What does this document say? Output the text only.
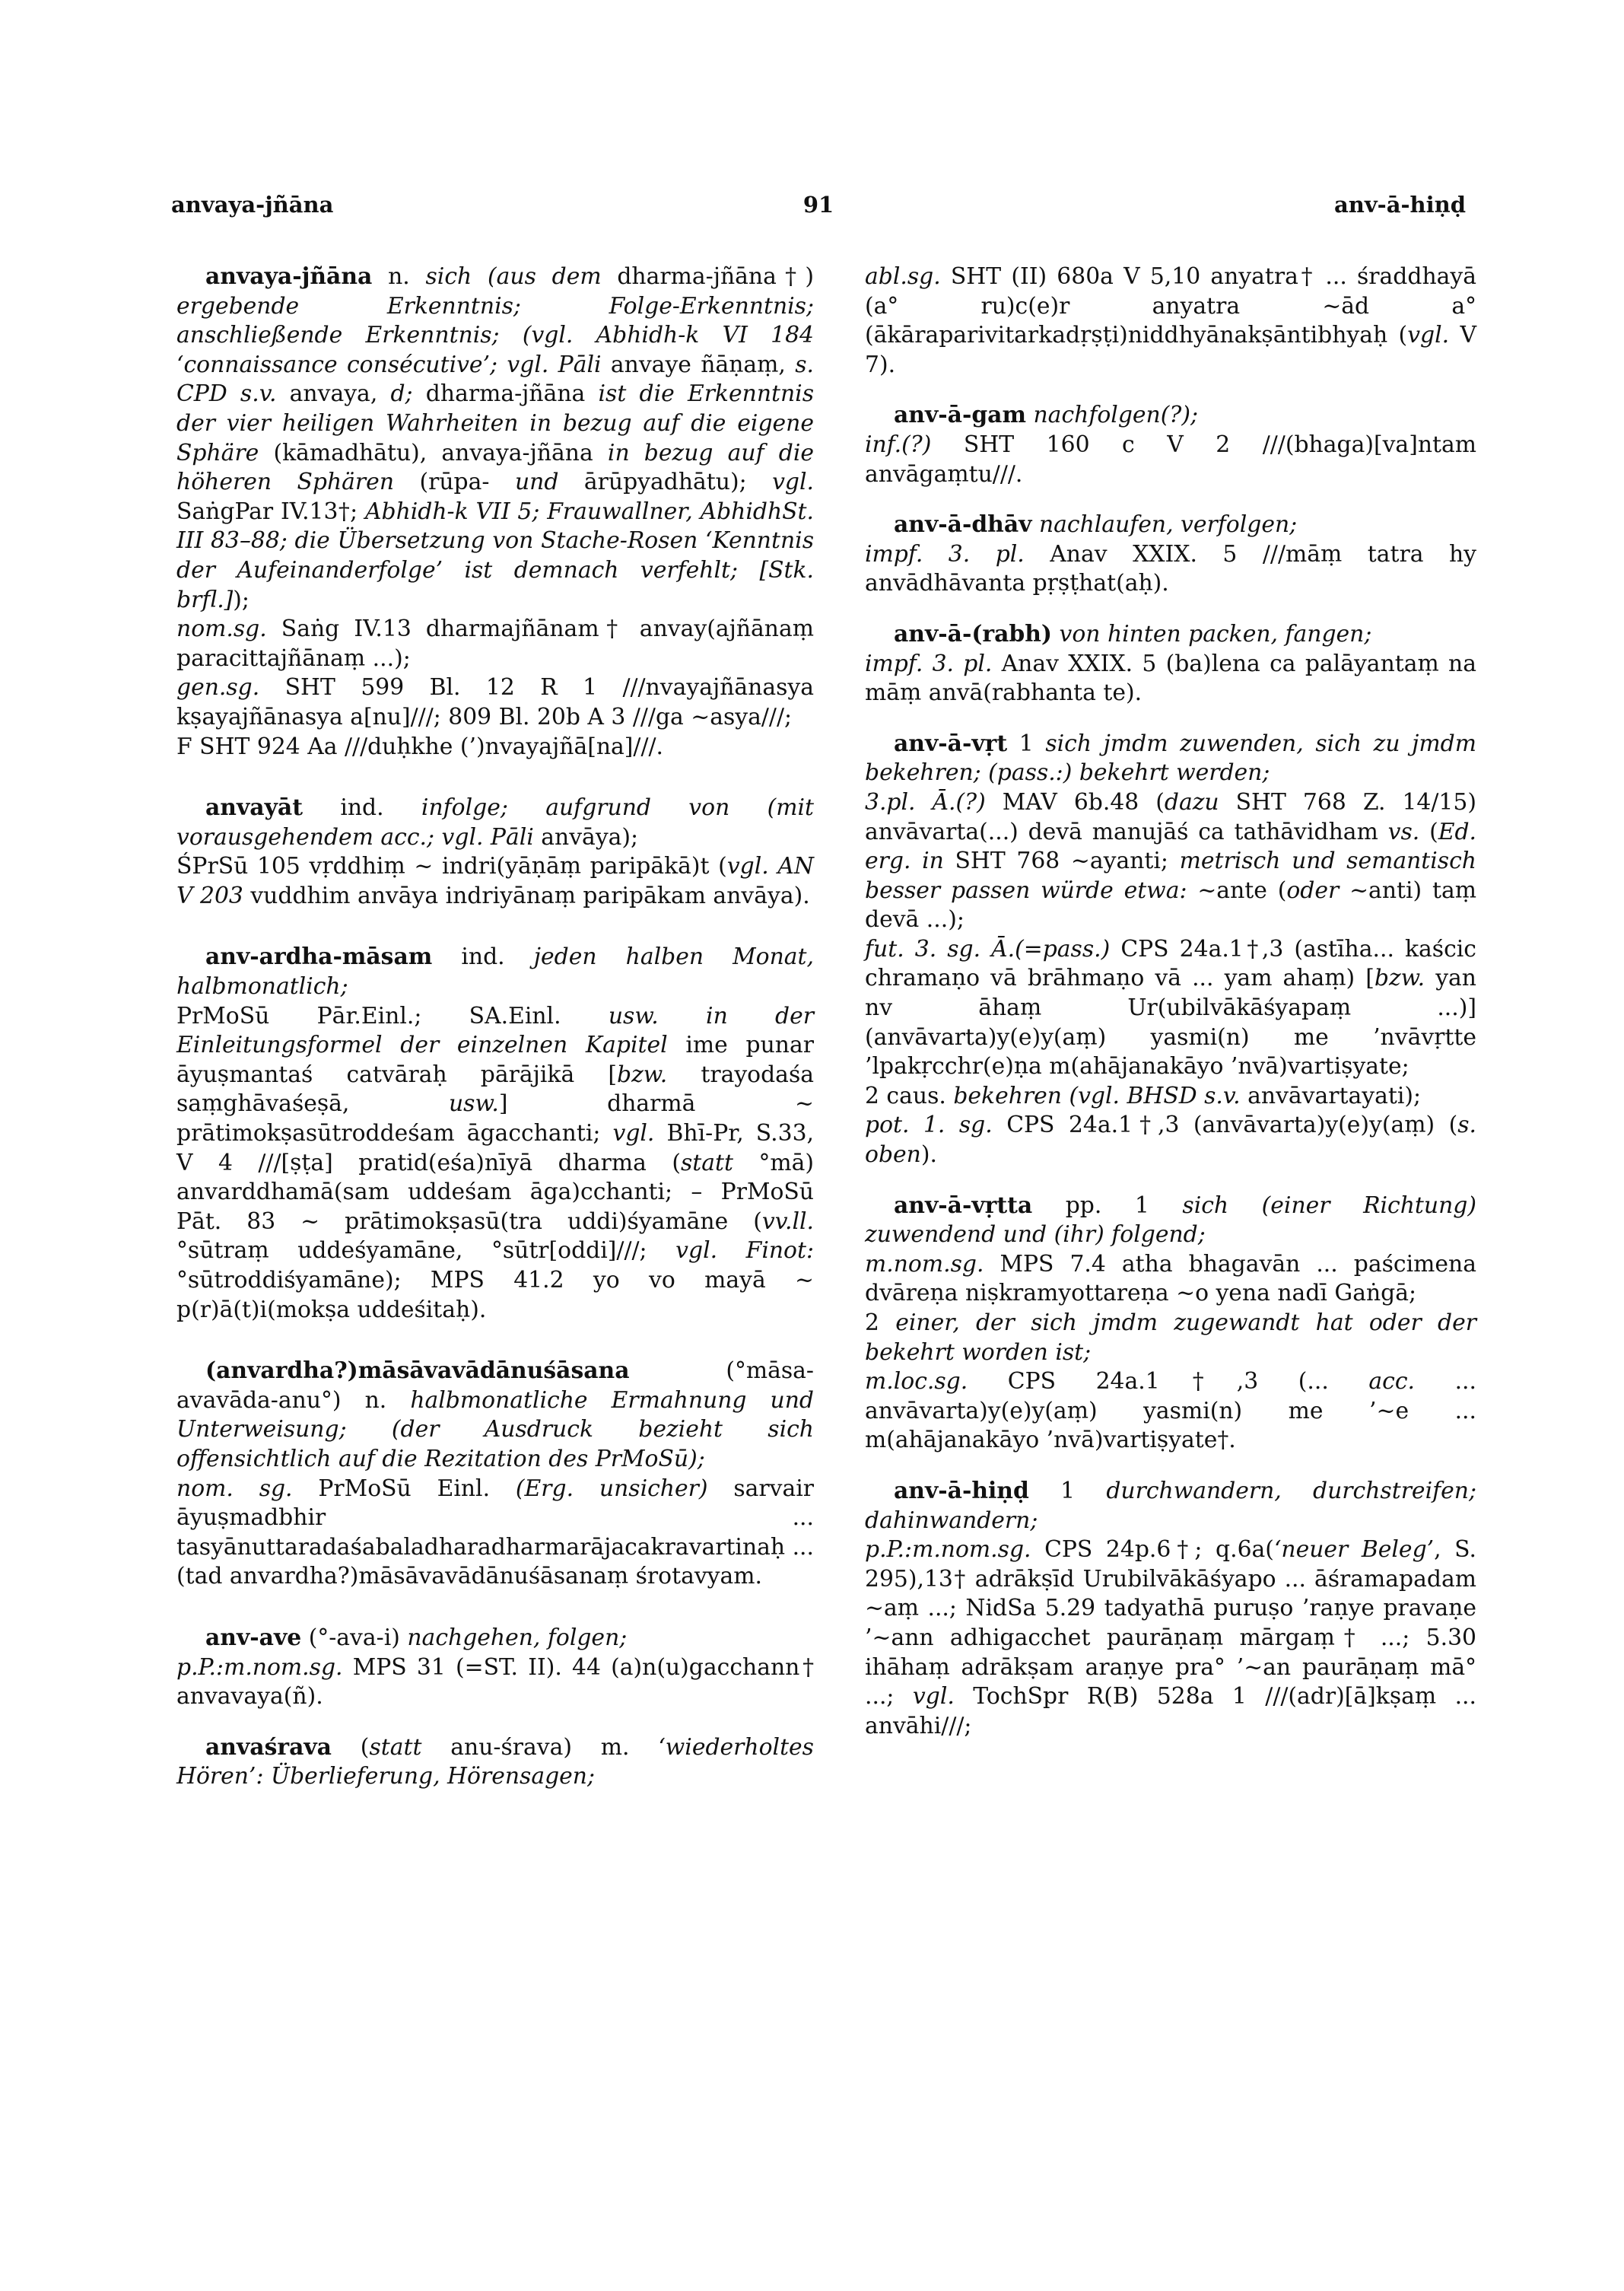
anvaya-jñāna	91	anv-ā-hiṇḍ

anvaya-jñāna n. sich (aus dem dharma-jñāna†) ergebende Erkenntnis; Folge-Erkenntnis; anschließende Erkenntnis; (vgl. Abhidh-k VI 184 ‘connaissance consécutive’; vgl. Pāli anvaye ñāṇaṃ, s. CPD s.v. anvaya, d; dharma-jñāna ist die Erkenntnis der vier heiligen Wahrheiten in bezug auf die eigene Sphäre (kāmadhātu), anvaya-jñāna in bezug auf die höheren Sphären (rūpa- und ārūpyadhātu); vgl. SaṅgPar IV.13†; Abhidh-k VII 5; Frauwallner, AbhidhSt. III 83–88; die Übersetzung von Stache-Rosen ‘Kenntnis der Aufeinanderfolge’ ist demnach verfehlt; [Stk. brfl.]);

nom.sg. Saṅg IV.13 dharmajñānam† anvay(ajñānaṃ paracittajñānaṃ ...);

gen.sg. SHT 599 Bl. 12 R 1 ///nvayajñānasya kṣayajñānasya a[nu]///; 809 Bl. 20b A 3 ///ga ~asya///;

F SHT 924 Aa ///duḥkhe (’)nvayajñā[na]///.

anvayāt ind. infolge; aufgrund von (mit vorausgehendem acc.; vgl. Pāli anvāya);

ŚPrSū 105 vṛddhiṃ ~ indri(yāṇāṃ paripākā)t (vgl. AN V 203 vuddhim anvāya indriyānaṃ paripākam anvāya).

anv-ardha-māsam ind. jeden halben Monat, halbmonatlich;

PrMoSū Pār.Einl.; SA.Einl. usw. in der Einleitungsformel der einzelnen Kapitel ime punar āyuṣmantaś catvāraḥ pārājikā [bzw. trayodaśa saṃghāvaśeṣā, usw.] dharmā ~ prātimokṣasūtroddeśam āgacchanti; vgl. Bhī-Pr, S.33, V 4 ///[ṣṭa] pratid(eśa)nīyā dharma (statt °mā) anvarddhamā(sam uddeśam āga)cchanti; – PrMoSū Pāt. 83 ~ prātimokṣasū(tra uddi)śyamāne (vv.ll. °sūtraṃ uddeśyamāne, °sūtr[oddi]///; vgl. Finot: °sūtroddiśyamāne); MPS 41.2 yo vo mayā ~ p(r)ā(t)i(mokṣa uddeśitaḥ).

(anvardha?)māsāvavādānuśāsana (°māsa-avavāda-anu°) n. halbmonatliche Ermahnung und Unterweisung; (der Ausdruck bezieht sich offensichtlich auf die Rezitation des PrMoSū);

nom. sg. PrMoSū Einl. (Erg. unsicher) sarvair āyuṣmadbhir ... tasyānuttaradaśabaladharadharmarājacakravartinaḥ ... (tad anvardha?)māsāvavādānuśāsanaṃ śrotavyam.

anv-ave (°-ava-i) nachgehen, folgen;

p.P.:m.nom.sg. MPS 31 (=ST. II). 44 (a)n(u)gacchann† anvavaya(ñ).

anvaśrava (statt anu-śrava) m. ‘wiederholtes Hören’: Überlieferung, Hörensagen;

abl.sg. SHT (II) 680a V 5,10 anyatra† ... śraddhayā (a° ru)c(e)r anyatra ~ād a° (ākāraparivitarkadṛṣṭi)niddhyānakṣāntibhyaḥ (vgl. V 7).

anv-ā-gam nachfolgen(?);

inf.(?) SHT 160 c V 2 ///(bhaga)[va]ntam anvāgaṃtu///.

anv-ā-dhāv nachlaufen, verfolgen;

impf. 3. pl. Anav XXIX. 5 ///māṃ tatra hy anvādhāvanta pṛṣṭhat(aḥ).

anv-ā-(rabh) von hinten packen, fangen;

impf. 3. pl. Anav XXIX. 5 (ba)lena ca palāyantaṃ na māṃ anvā(rabhanta te).

anv-ā-vṛt 1 sich jmdm zuwenden, sich zu jmdm bekehren; (pass.:) bekehrt werden;

3.pl. Ā.(?) MAV 6b.48 (dazu SHT 768 Z. 14/15) anvāvarta(...) devā manujāś ca tathāvidham vs. (Ed. erg. in SHT 768 ~ayanti; metrisch und semantisch besser passen würde etwa: ~ante (oder ~anti) taṃ devā ...);

fut. 3. sg. Ā.(=pass.) CPS 24a.1†,3 (astīha... kaścic chramaṇo vā brāhmaṇo vā ... yam ahaṃ) [bzw. yan nv āhaṃ Ur(ubilvākāśyapaṃ ...)] (anvāvarta)y(e)y(aṃ) yasmi(n) me ’nvāvṛtte ’lpakṛcchr(e)ṇa m(ahājanakāyo ’nvā)vartiṣyate;

2 caus. bekehren (vgl. BHSD s.v. anvāvartayati);

pot. 1. sg. CPS 24a.1†,3 (anvāvarta)y(e)y(aṃ) (s. oben).

anv-ā-vṛtta pp. 1 sich (einer Richtung) zuwendend und (ihr) folgend;

m.nom.sg. MPS 7.4 atha bhagavān ... paścimena dvāreṇa niṣkramyottareṇa ~o yena nadī Gaṅgā;

2 einer, der sich jmdm zugewandt hat oder der bekehrt worden ist;

m.loc.sg. CPS 24a.1†,3 (... acc. ... anvāvarta)y(e)y(aṃ) yasmi(n) me ’~e ... m(ahājanakāyo ’nvā)vartiṣyate†.

anv-ā-hiṇḍ 1 durchwandern, durchstreifen; dahinwandern;

p.P.:m.nom.sg. CPS 24p.6†; q.6a(‘neuer Beleg’, S. 295),13† adrākṣīd Urubilvākāśyapo ... āśramapadam ~aṃ ...; NidSa 5.29 tadyathā puruṣo ’raṇye pravaṇe ’~ann adhigacchet paurāṇaṃ mārgaṃ† ...; 5.30 ihāhaṃ adrākṣam araṇye pra° ’~an paurāṇaṃ mā° ...; vgl. TochSpr R(B) 528a 1 ///(adr)[ā]kṣaṃ ... anvāhi///;
